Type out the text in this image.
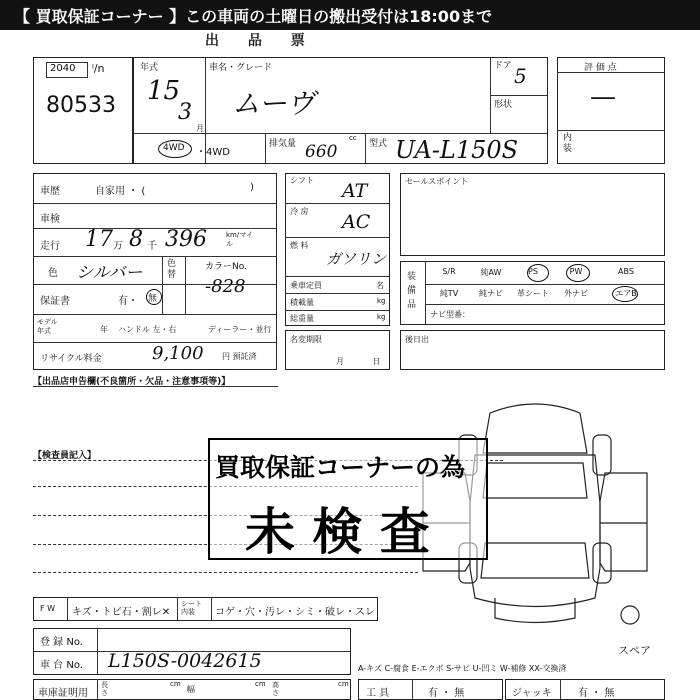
【 買取保証コーナー 】この車両の土曜日の搬出受付は18:00まで
出 品 票
2040 ˡ/n
80533
年式
15
3
月
車名・グレード
ムーヴ
ドア 5
形状
4WD ・4WD
排気量
cc
660	型式 UA-L150S
評 価 点
—
内装
車歴	自家用 ・ (	)
車検
走行 17 万 8 千 396	km/マイル
色 シルバー	色替
カラーNo.
-828
保証書	有・ 無
モデル年式	年 ハンドル 左・右	ディーラー・並行
リサイクル料金	9,100 円 預託済
シフト AT
冷 房 AC
燃 料
ガソリン
乗車定員	名
積載量	kg
総重量	kg
名変期限
月 日
セールスポイント
装備品
S/R	純AW	PS	PW	ABS
純TV	純ナビ	革シート	外ナビ	エアB
ナビ型番：
後日出
【出品店申告欄(不良箇所・欠品・注意事項等)】
【検査員記入】	買取保証コーナーの為
未 検 査
スペア
F W キズ・トビ石・割レ✕
シート内装	コゲ・穴・汚レ・シミ・破レ・スレ
登 録 No.
車 台 No. L150S-0042615	A-キズ C-腐食 E-エクボ S-サビ U-凹ミ W-補修 XX-交換済
車庫証明用
長さ
cm
幅
cm 高さ
cm
工 具	有 ・ 無	ジャッキ	有 ・ 無
